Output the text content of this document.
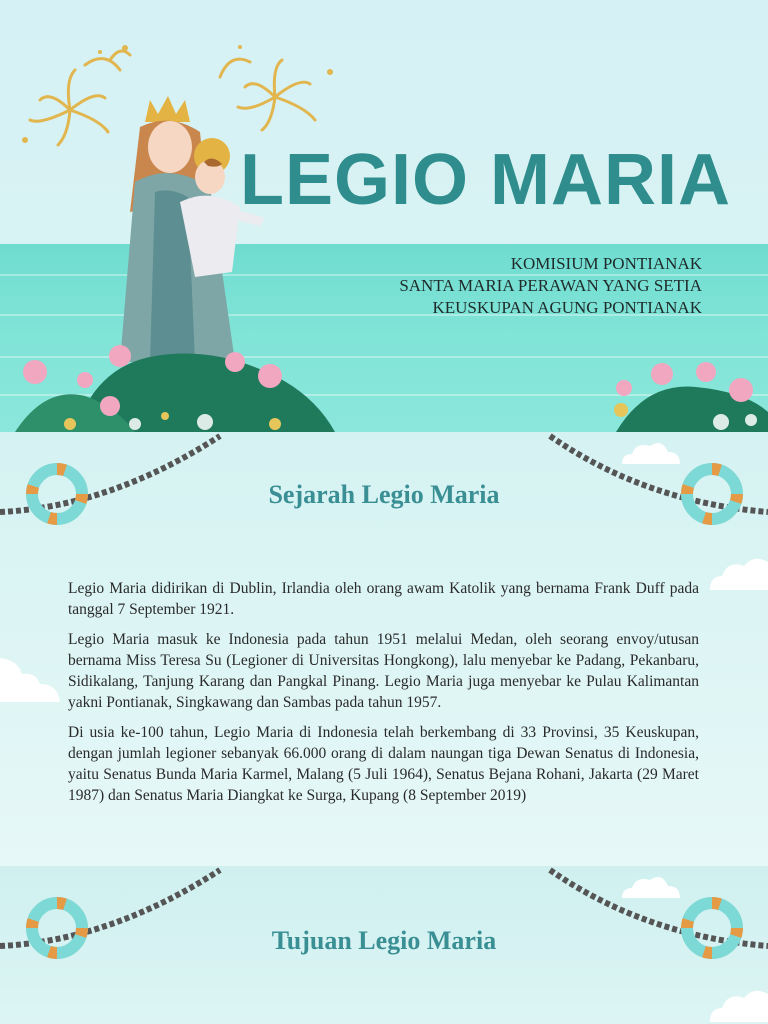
LEGIO MARIA
KOMISIUM PONTIANAK
SANTA MARIA PERAWAN YANG SETIA
KEUSKUPAN AGUNG PONTIANAK
Sejarah Legio Maria

Legio Maria didirikan di Dublin, Irlandia oleh orang awam Katolik yang bernama Frank Duff pada tanggal 7 September 1921.

Legio Maria masuk ke Indonesia pada tahun 1951 melalui Medan, oleh seorang envoy/utusan bernama Miss Teresa Su (Legioner di Universitas Hongkong), lalu menyebar ke Padang, Pekanbaru, Sidikalang, Tanjung Karang dan Pangkal Pinang. Legio Maria juga menyebar ke Pulau Kalimantan yakni Pontianak, Singkawang dan Sambas pada tahun 1957.

Di usia ke-100 tahun, Legio Maria di Indonesia telah berkembang di 33 Provinsi, 35 Keuskupan, dengan jumlah legioner sebanyak 66.000 orang di dalam naungan tiga Dewan Senatus di Indonesia, yaitu Senatus Bunda Maria Karmel, Malang (5 Juli 1964), Senatus Bejana Rohani, Jakarta (29 Maret 1987) dan Senatus Maria Diangkat ke Surga, Kupang (8 September 2019)

Tujuan Legio Maria
